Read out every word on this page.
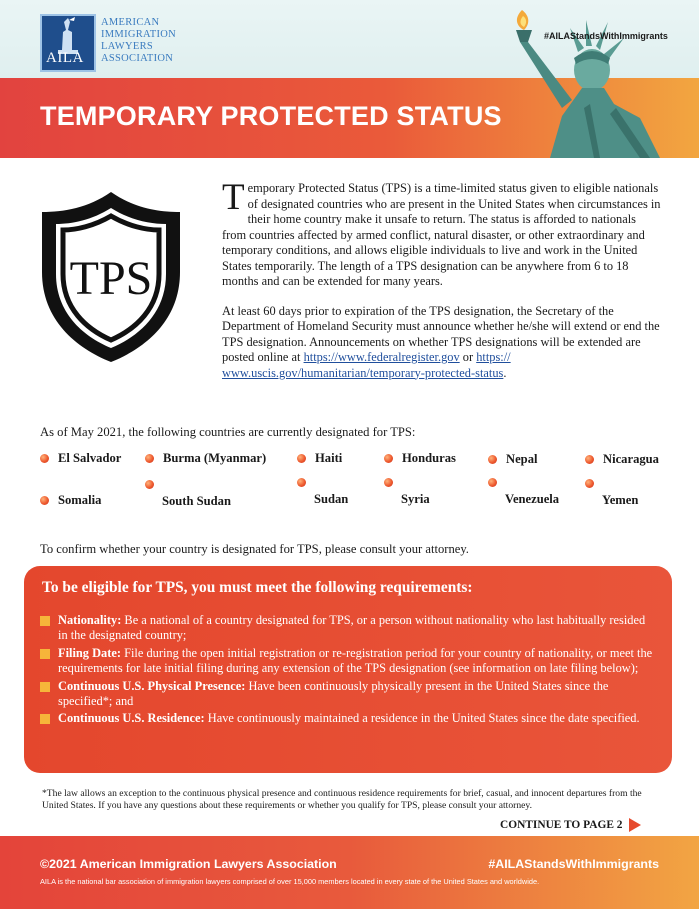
AILA
AMERICAN
IMMIGRATION
LAWYERS
ASSOCIATION
#AILAStandsWithImmigrants
TEMPORARY PROTECTED STATUS
TPS

Temporary Protected Status (TPS) is a time-limited status given to eligible nationals of designated countries who are present in the United States when circumstances in their home country make it unsafe to return. The status is afforded to nationals from countries affected by armed conflict, natural disaster, or other extraordinary and temporary conditions, and allows eligible individuals to live and work in the United States temporarily. The length of a TPS designation can be anywhere from 6 to 18 months and can be extended for many years.

At least 60 days prior to expiration of the TPS designation, the Secretary of the Department of Homeland Security must announce whether he/she will extend or end the TPS designation. Announcements on whether TPS designations will be extended are posted online at https://www.federalregister.gov or https:// www.uscis.gov/humanitarian/temporary-protected-status.

As of May 2021, the following countries are currently designated for TPS:
El Salvador	Burma (Myanmar)	Haiti	Honduras	Nepal	Nicaragua
Somalia	South Sudan	Sudan	Syria	Venezuela	Yemen
To confirm whether your country is designated for TPS, please consult your attorney.
To be eligible for TPS, you must meet the following requirements:
Nationality: Be a national of a country designated for TPS, or a person without nationality who last habitually resided in the designated country;
Filing Date: File during the open initial registration or re-registration period for your country of nationality, or meet the requirements for late initial filing during any extension of the TPS designation (see information on late filing below);
Continuous U.S. Physical Presence: Have been continuously physically present in the United States since the specified*; and
Continuous U.S. Residence: Have continuously maintained a residence in the United States since the date specified.
*The law allows an exception to the continuous physical presence and continuous residence requirements for brief, casual, and innocent departures from the United States. If you have any questions about these requirements or whether you qualify for TPS, please consult your attorney.
CONTINUE TO PAGE 2
©2021 American Immigration Lawyers Association	#AILAStandsWithImmigrants
AILA is the national bar association of immigration lawyers comprised of over 15,000 members located in every state of the United States and worldwide.
